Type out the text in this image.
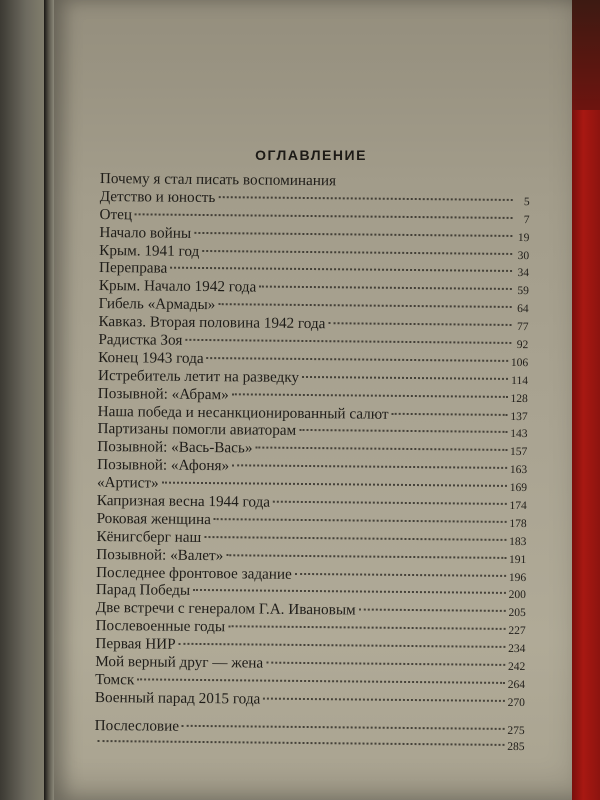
ОГЛАВЛЕНИЕ
Почему я стал писать воспоминания
Детство и юность	5
Отец	7
Начало войны	19
Крым. 1941 год	30
Переправа	34
Крым. Начало 1942 года	59
Гибель «Армады»	64
Кавказ. Вторая половина 1942 года	77
Радистка Зоя	92
Конец 1943 года	106
Истребитель летит на разведку	114
Позывной: «Абрам»	128
Наша победа и несанкционированный салют	137
Партизаны помогли авиаторам	143
Позывной: «Вась-Вась»	157
Позывной: «Афоня»	163
«Артист»	169
Капризная весна 1944 года	174
Роковая женщина	178
Кёнигсберг наш	183
Позывной: «Валет»	191
Последнее фронтовое задание	196
Парад Победы	200
Две встречи с генералом Г.А. Ивановым	205
Послевоенные годы	227
Первая НИР	234
Мой верный друг — жена	242
Томск	264
Военный парад 2015 года	270
Послесловие	275
285
